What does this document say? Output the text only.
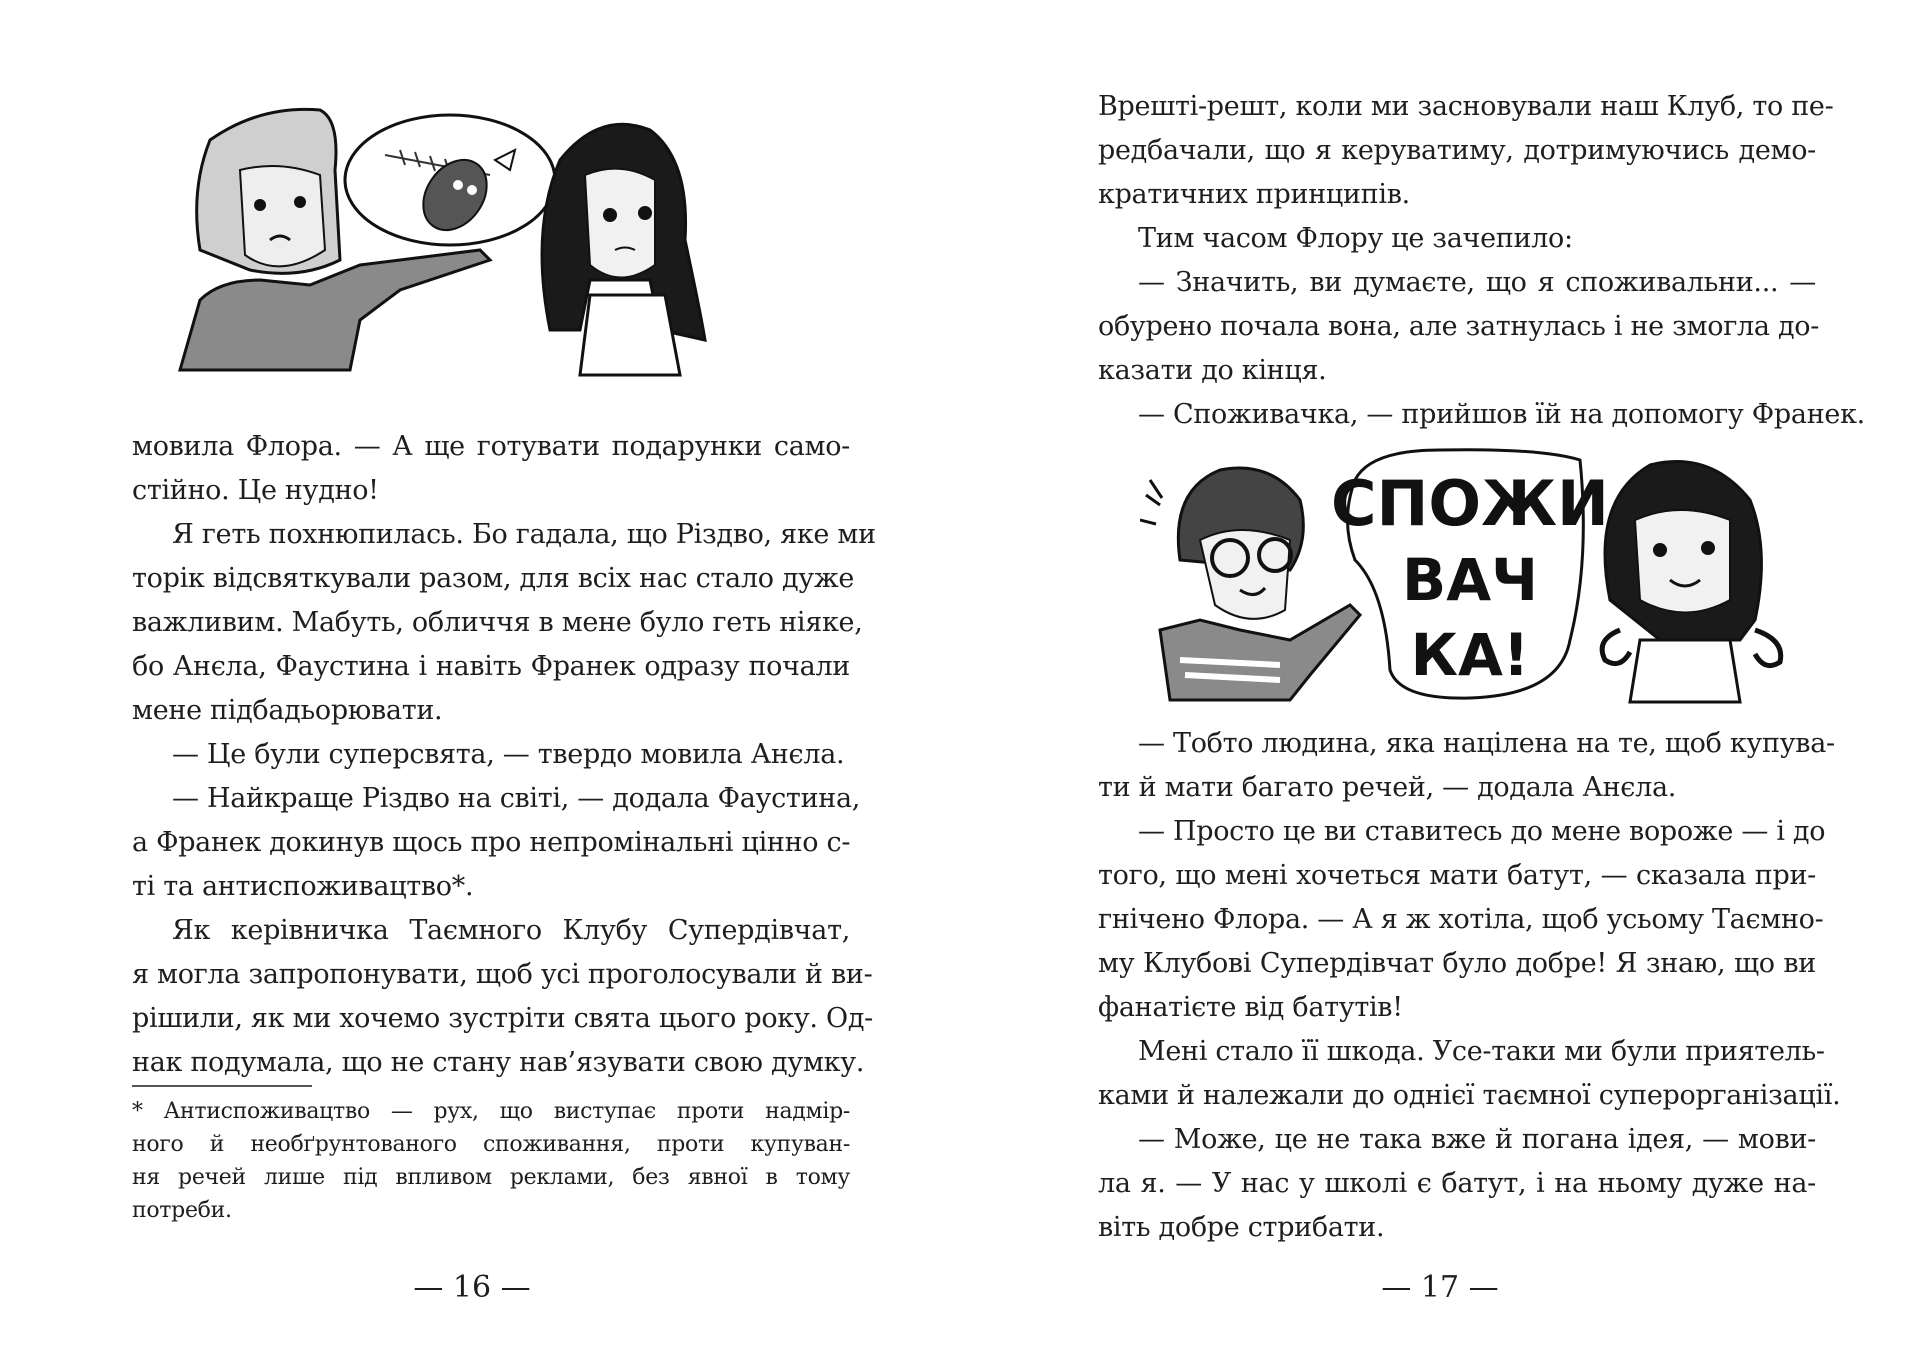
мовила Флора. — А ще готувати подарунки само-
стійно. Це нудно!
Я геть похнюпилась. Бо гадала, що Різдво, яке ми
торік відсвяткували разом, для всіх нас стало дуже
важливим. Мабуть, обличчя в мене було геть ніяке,
бо Анєла, Фаустина і навіть Франек одразу почали
мене підбадьорювати.
— Це були суперсвята, — твердо мовила Анєла.
— Найкраще Різдво на світі, — додала Фаустина,
а Франек докинув щось про непромінальні цінно с-
ті та антиспоживацтво*.
Як керівничка Таємного Клубу Супердівчат,
я могла запропонувати, щоб усі проголосували й ви-
рішили, як ми хочемо зустріти свята цього року. Од-
нак подумала, що не стану нав’язувати свою думку.
* Антиспоживацтво — рух, що виступає проти надмір-
ного й необґрунтованого споживання, проти купуван-
ня речей лише під впливом реклами, без явної в тому
потреби.
— 16 —
Врешті-решт, коли ми засновували наш Клуб, то пе-
редбачали, що я керуватиму, дотримуючись демо-
кратичних принципів.
Тим часом Флору це зачепило:
— Значить, ви думаєте, що я споживальни... —
обурено почала вона, але затнулась і не змогла до-
казати до кінця.
— Споживачка, — прийшов їй на допомогу Франек.
СПОЖИ
ВАЧ
КА!
— Тобто людина, яка націлена на те, щоб купува-
ти й мати багато речей, — додала Анєла.
— Просто це ви ставитесь до мене вороже — і до
того, що мені хочеться мати батут, — сказала при-
гнічено Флора. — А я ж хотіла, щоб усьому Таємно-
му Клубові Супердівчат було добре! Я знаю, що ви
фанатієте від батутів!
Мені стало її шкода. Усе-таки ми були приятель-
ками й належали до однієї таємної суперорганізації.
— Може, це не така вже й погана ідея, — мови-
ла я. — У нас у школі є батут, і на ньому дуже на-
віть добре стрибати.
— 17 —
